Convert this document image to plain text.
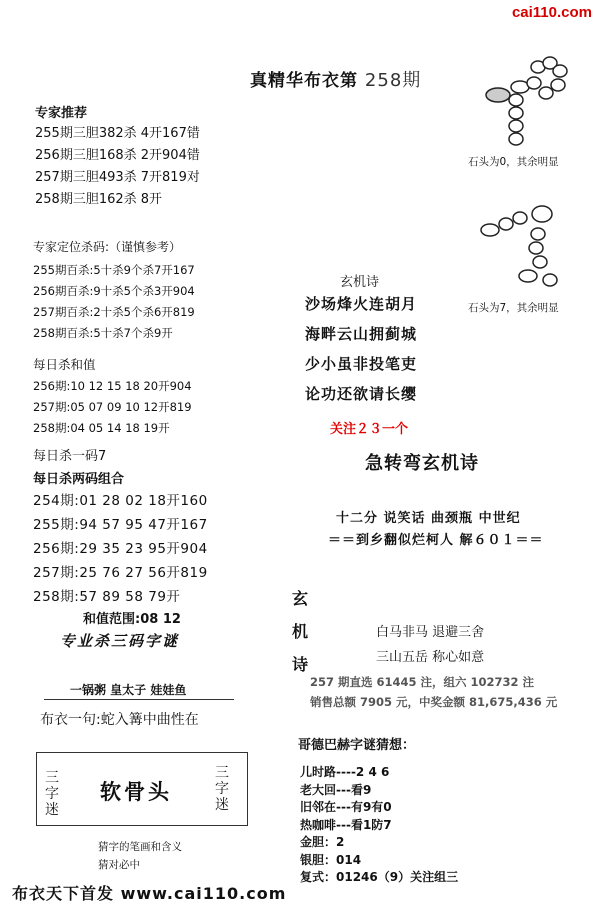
cai110.com
真精华布衣第 258期
石头为0，其余明显
石头为7，其余明显
专家推荐
255期三胆382杀 4开167错
256期三胆168杀 2开904错
257期三胆493杀 7开819对
258期三胆162杀 8开
专家定位杀码:（谨慎参考）
255期百杀:5十杀9个杀7开167
256期百杀:9十杀5个杀3开904
257期百杀:2十杀5个杀6开819
258期百杀:5十杀7个杀9开
每日杀和值
256期:10 12 15 18 20开904
257期:05 07 09 10 12开819
258期:04 05 14 18 19开
每日杀一码7
每日杀两码组合
254期:01 28 02 18开160
255期:94 57 95 47开167
256期:29 35 23 95开904
257期:25 76 27 56开819
258期:57 89 58 79开
和值范围:08 12
专业杀三码字谜
一锅粥 皇太子 娃娃鱼
布衣一句:蛇入篝中曲性在
三字迷
软骨头
三字迷
猜字的笔画和含义
猜对必中
玄机诗
沙场烽火连胡月
海畔云山拥蓟城
少小虽非投笔吏
论功还欲请长缨
关注２３一个
急转弯玄机诗
十二分 说笑话 曲颈瓶 中世纪
＝＝到乡翻似烂柯人 解６０１＝＝
玄
机
诗
白马非马 退避三舍
三山五岳 称心如意
257 期直选 61445 注，组六 102732 注
销售总额 7905 元，中奖金额 81,675,436 元
哥德巴赫字谜猜想：
儿时路----2 4 6
老大回---看9
旧邻在---有9有0
热咖啡---看1防7
金胆：2
银胆：014
复式：01246（9）关注组三
布衣天下首发 www.cai110.com
